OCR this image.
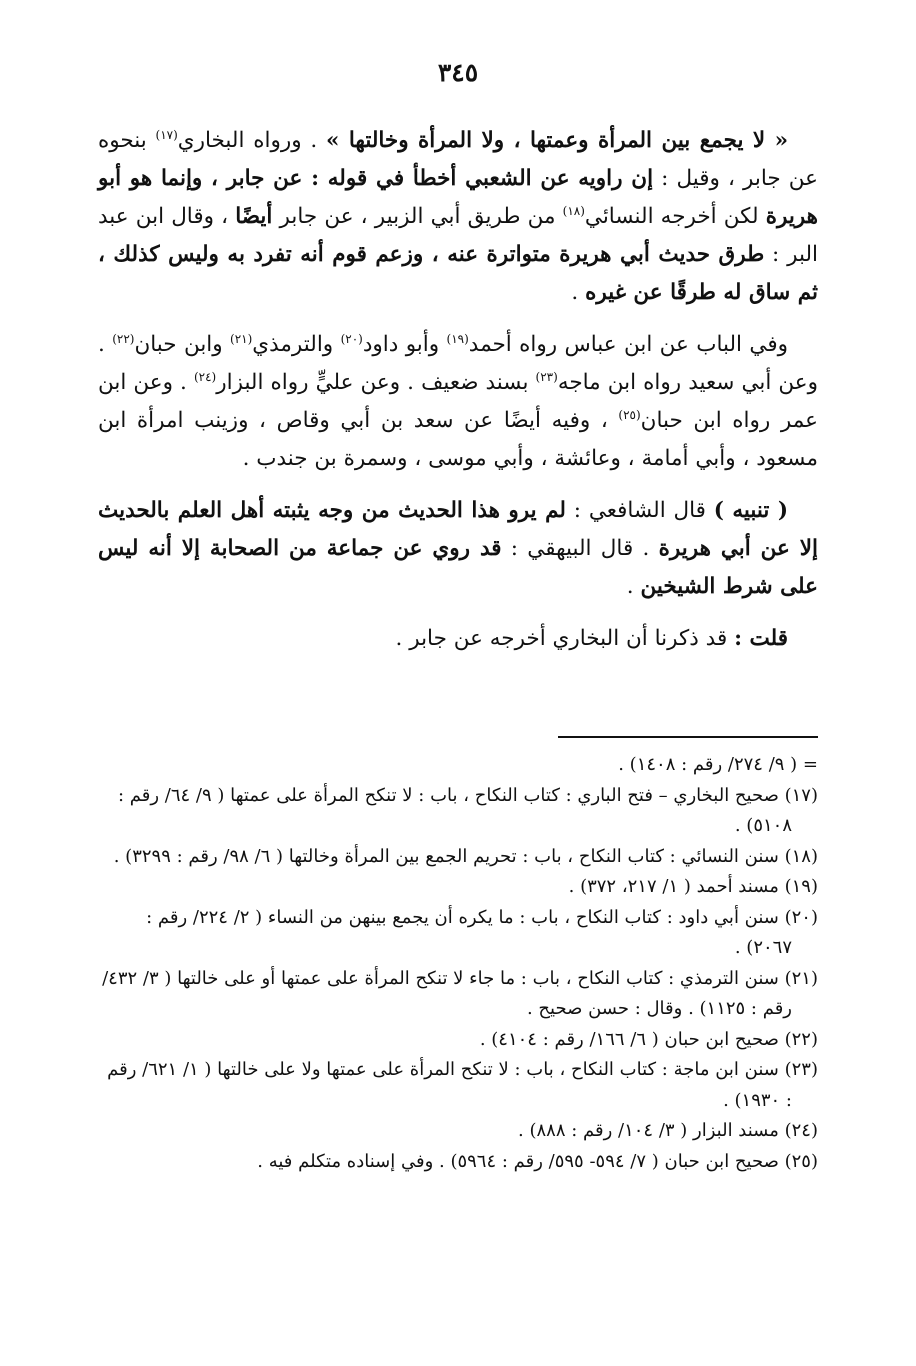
٣٤٥

« لا يجمع بين المرأة وعمتها ، ولا المرأة وخالتها » . ورواه البخاري$^{(١٧)}$ بنحوه عن جابر ، وقيل : إن راويه عن الشعبي أخطأ في قوله : عن جابر ، وإنما هو أبو هريرة لكن أخرجه النسائي$^{(١٨)}$ من طريق أبي الزبير ، عن جابر أيضًا ، وقال ابن عبد البر : طرق حديث أبي هريرة متواترة عنه ، وزعم قوم أنه تفرد به وليس كذلك ، ثم ساق له طرقًا عن غيره .

وفي الباب عن ابن عباس رواه أحمد$^{(١٩)}$ وأبو داود$^{(٢٠)}$ والترمذي$^{(٢١)}$ وابن حبان$^{(٢٢)}$ . وعن أبي سعيد رواه ابن ماجه$^{(٢٣)}$ بسند ضعيف . وعن عليٍّ رواه البزار$^{(٢٤)}$ . وعن ابن عمر رواه ابن حبان$^{(٢٥)}$ ، وفيه أيضًا عن سعد بن أبي وقاص ، وزينب امرأة ابن مسعود ، وأبي أمامة ، وعائشة ، وأبي موسى ، وسمرة بن جندب .

( تنبيه ) قال الشافعي : لم يرو هذا الحديث من وجه يثبته أهل العلم بالحديث إلا عن أبي هريرة . قال البيهقي : قد روي عن جماعة من الصحابة إلا أنه ليس على شرط الشيخين .

قلت : قد ذكرنا أن البخاري أخرجه عن جابر .

= ( ٩/ ٢٧٤/ رقم : ١٤٠٨) .

(١٧) صحيح البخاري – فتح الباري : كتاب النكاح ، باب : لا تنكح المرأة على عمتها ( ٩/ ٦٤/ رقم : ٥١٠٨) .

(١٨) سنن النسائي : كتاب النكاح ، باب : تحريم الجمع بين المرأة وخالتها ( ٦/ ٩٨/ رقم : ٣٢٩٩) .

(١٩) مسند أحمد ( ١/ ٢١٧، ٣٧٢) .

(٢٠) سنن أبي داود : كتاب النكاح ، باب : ما يكره أن يجمع بينهن من النساء ( ٢/ ٢٢٤/ رقم : ٢٠٦٧) .

(٢١) سنن الترمذي : كتاب النكاح ، باب : ما جاء لا تنكح المرأة على عمتها أو على خالتها ( ٣/ ٤٣٢/ رقم : ١١٢٥) . وقال : حسن صحيح .

(٢٢) صحيح ابن حبان ( ٦/ ١٦٦/ رقم : ٤١٠٤) .

(٢٣) سنن ابن ماجة : كتاب النكاح ، باب : لا تنكح المرأة على عمتها ولا على خالتها ( ١/ ٦٢١/ رقم : ١٩٣٠) .

(٢٤) مسند البزار ( ٣/ ١٠٤/ رقم : ٨٨٨) .

(٢٥) صحيح ابن حبان ( ٧/ ٥٩٤- ٥٩٥/ رقم : ٥٩٦٤) . وفي إسناده متكلم فيه .
